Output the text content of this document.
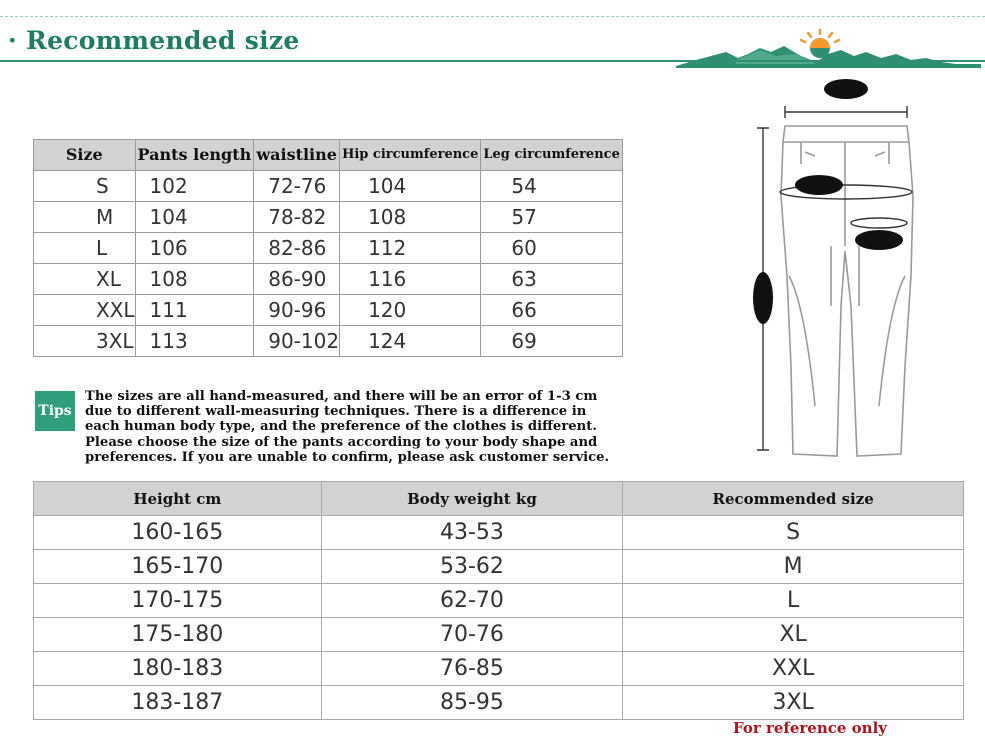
· Recommended size
Size	Pants length	waistline	Hip circumference	Leg circumference
S	102	72-76	104	54
M	104	78-82	108	57
L	106	82-86	112	60
XL	108	86-90	116	63
XXL	111	90-96	120	66
3XL	113	90-102	124	69
Tips
The sizes are all hand-measured, and there will be an error of 1-3 cm
due to different wall-measuring techniques. There is a difference in
each human body type, and the preference of the clothes is different.
Please choose the size of the pants according to your body shape and
preferences. If you are unable to confirm, please ask customer service.
Height cm	Body weight kg	Recommended size
160-165	43-53	S
165-170	53-62	M
170-175	62-70	L
175-180	70-76	XL
180-183	76-85	XXL
183-187	85-95	3XL
For reference only
